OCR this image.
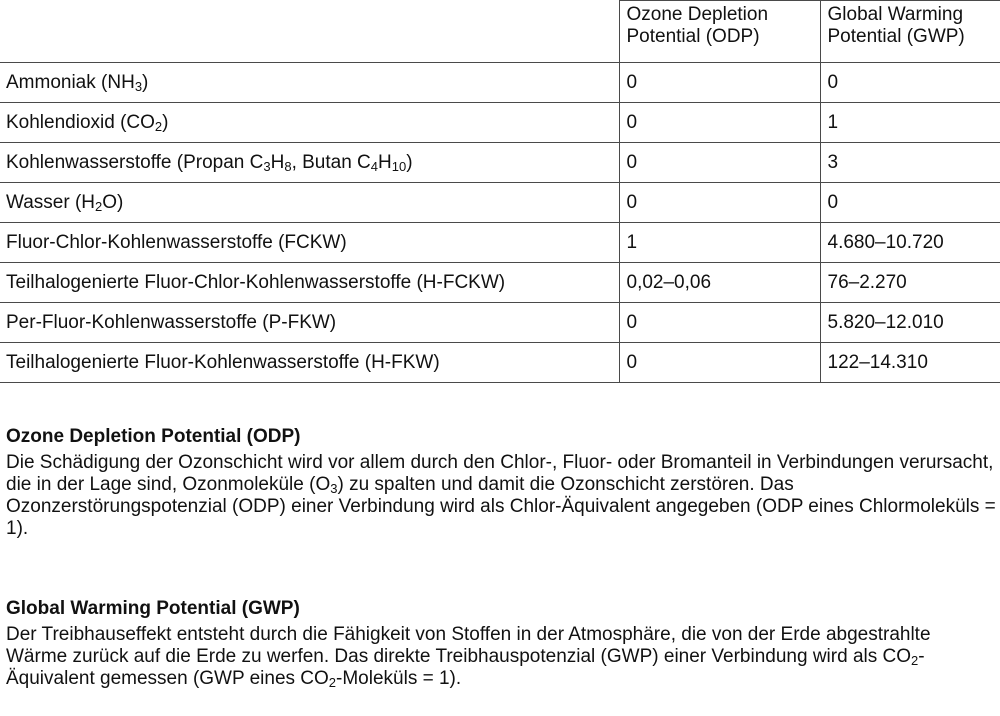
	Ozone Depletion Potential (ODP)	Global Warming Potential (GWP)
Ammoniak $(NH_3)$	0	0
Kohlendioxid $(CO_2)$	0	1
Kohlenwasserstoffe (Propan $C_3H_8$, Butan $C_4H_{10}$)	0	3
Wasser $(H_2O)$	0	0
Fluor-Chlor-Kohlenwasserstoffe (FCKW)	1	4.680–10.720
Teilhalogenierte Fluor-Chlor-Kohlenwasserstoffe (H-FCKW)	0,02–0,06	76–2.270
Per-Fluor-Kohlenwasserstoffe (P-FKW)	0	5.820–12.010
Teilhalogenierte Fluor-Kohlenwasserstoffe (H-FKW)	0	122–14.310
Ozone Depletion Potential (ODP)

Die Schädigung der Ozonschicht wird vor allem durch den Chlor-, Fluor- oder Bromanteil in Verbindungen verursacht, die in der Lage sind, Ozonmoleküle $(O_3)$ zu spalten und damit die Ozonschicht zerstören. Das Ozonzerstörungspotenzial (ODP) einer Verbindung wird als Chlor-Äquivalent angegeben (ODP eines Chlormoleküls = 1).

Global Warming Potential (GWP)

Der Treibhauseffekt entsteht durch die Fähigkeit von Stoffen in der Atmosphäre, die von der Erde abgestrahlte Wärme zurück auf die Erde zu werfen. Das direkte Treibhauspotenzial (GWP) einer Verbindung wird als $CO_2$-Äquivalent gemessen (GWP eines $CO_2$-Moleküls = 1).
